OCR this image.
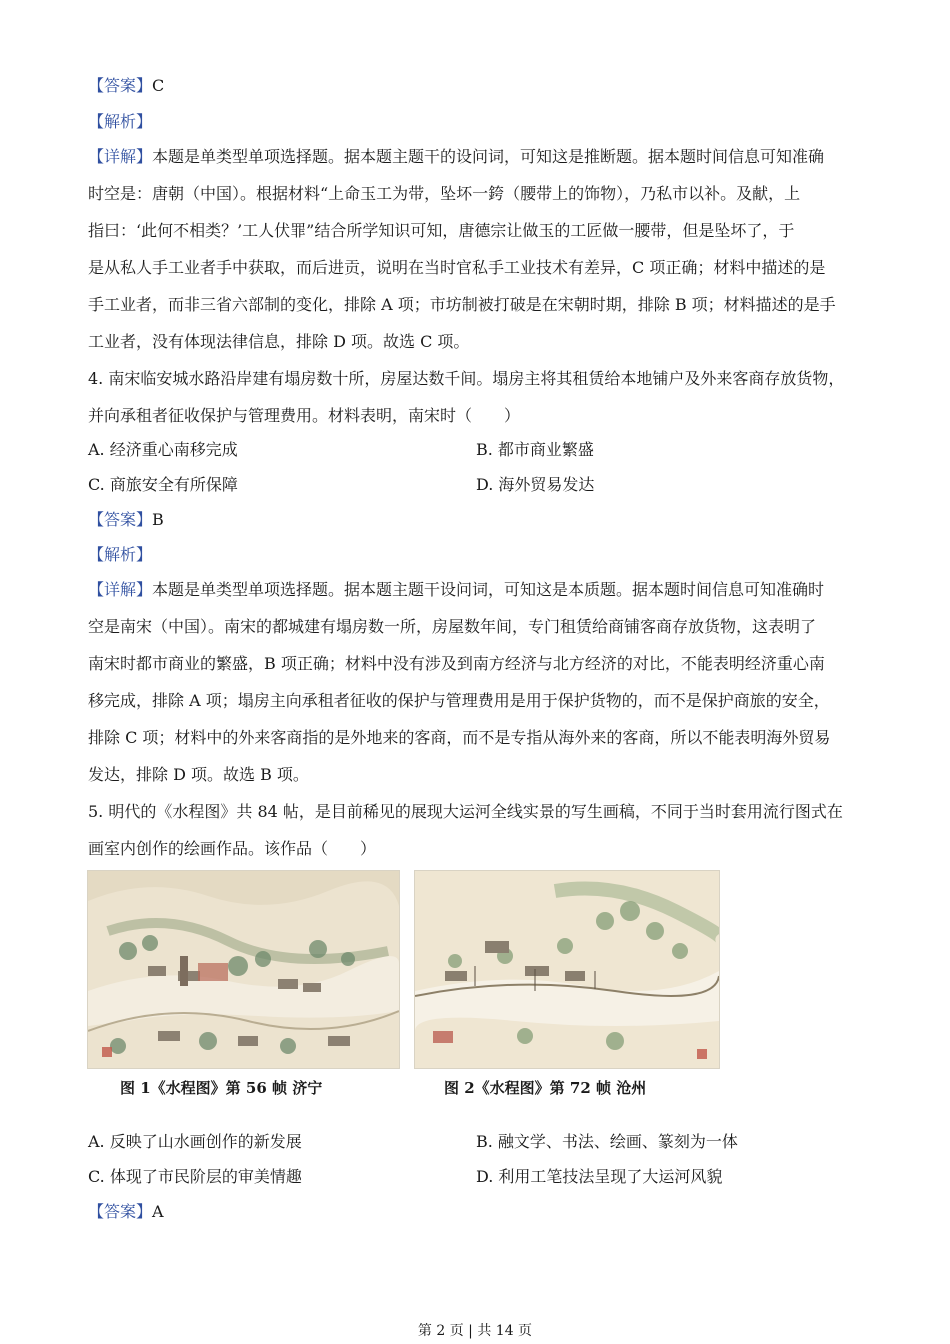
【答案】C
【解析】
【详解】本题是单类型单项选择题。据本题主题干的设问词，可知这是推断题。据本题时间信息可知准确
时空是：唐朝（中国）。根据材料“上命玉工为带，坠坏一銙（腰带上的饰物），乃私市以补。及献，上
指曰：‘此何不相类？’工人伏罪”结合所学知识可知，唐德宗让做玉的工匠做一腰带，但是坠坏了，于
是从私人手工业者手中获取，而后进贡，说明在当时官私手工业技术有差异，C 项正确；材料中描述的是
手工业者，而非三省六部制的变化，排除 A 项；市坊制被打破是在宋朝时期，排除 B 项；材料描述的是手
工业者，没有体现法律信息，排除 D 项。故选 C 项。
4. 南宋临安城水路沿岸建有塌房数十所，房屋达数千间。塌房主将其租赁给本地铺户及外来客商存放货物，
并向承租者征收保护与管理费用。材料表明，南宋时（　　）
A. 经济重心南移完成	B. 都市商业繁盛
C. 商旅安全有所保障	D. 海外贸易发达
【答案】B
【解析】
【详解】本题是单类型单项选择题。据本题主题干设问词，可知这是本质题。据本题时间信息可知准确时
空是南宋（中国）。南宋的都城建有塌房数一所，房屋数年间，专门租赁给商铺客商存放货物，这表明了
南宋时都市商业的繁盛，B 项正确；材料中没有涉及到南方经济与北方经济的对比，不能表明经济重心南
移完成，排除 A 项；塌房主向承租者征收的保护与管理费用是用于保护货物的，而不是保护商旅的安全，
排除 C 项；材料中的外来客商指的是外地来的客商，而不是专指从海外来的客商，所以不能表明海外贸易
发达，排除 D 项。故选 B 项。
5. 明代的《水程图》共 84 帖，是目前稀见的展现大运河全线实景的写生画稿，不同于当时套用流行图式在
画室内创作的绘画作品。该作品（　　）
图 1《水程图》第 56 帧 济宁	图 2《水程图》第 72 帧 沧州
A. 反映了山水画创作的新发展	B. 融文学、书法、绘画、篆刻为一体
C. 体现了市民阶层的审美情趣	D. 利用工笔技法呈现了大运河风貌
【答案】A
第 2 页 | 共 14 页
